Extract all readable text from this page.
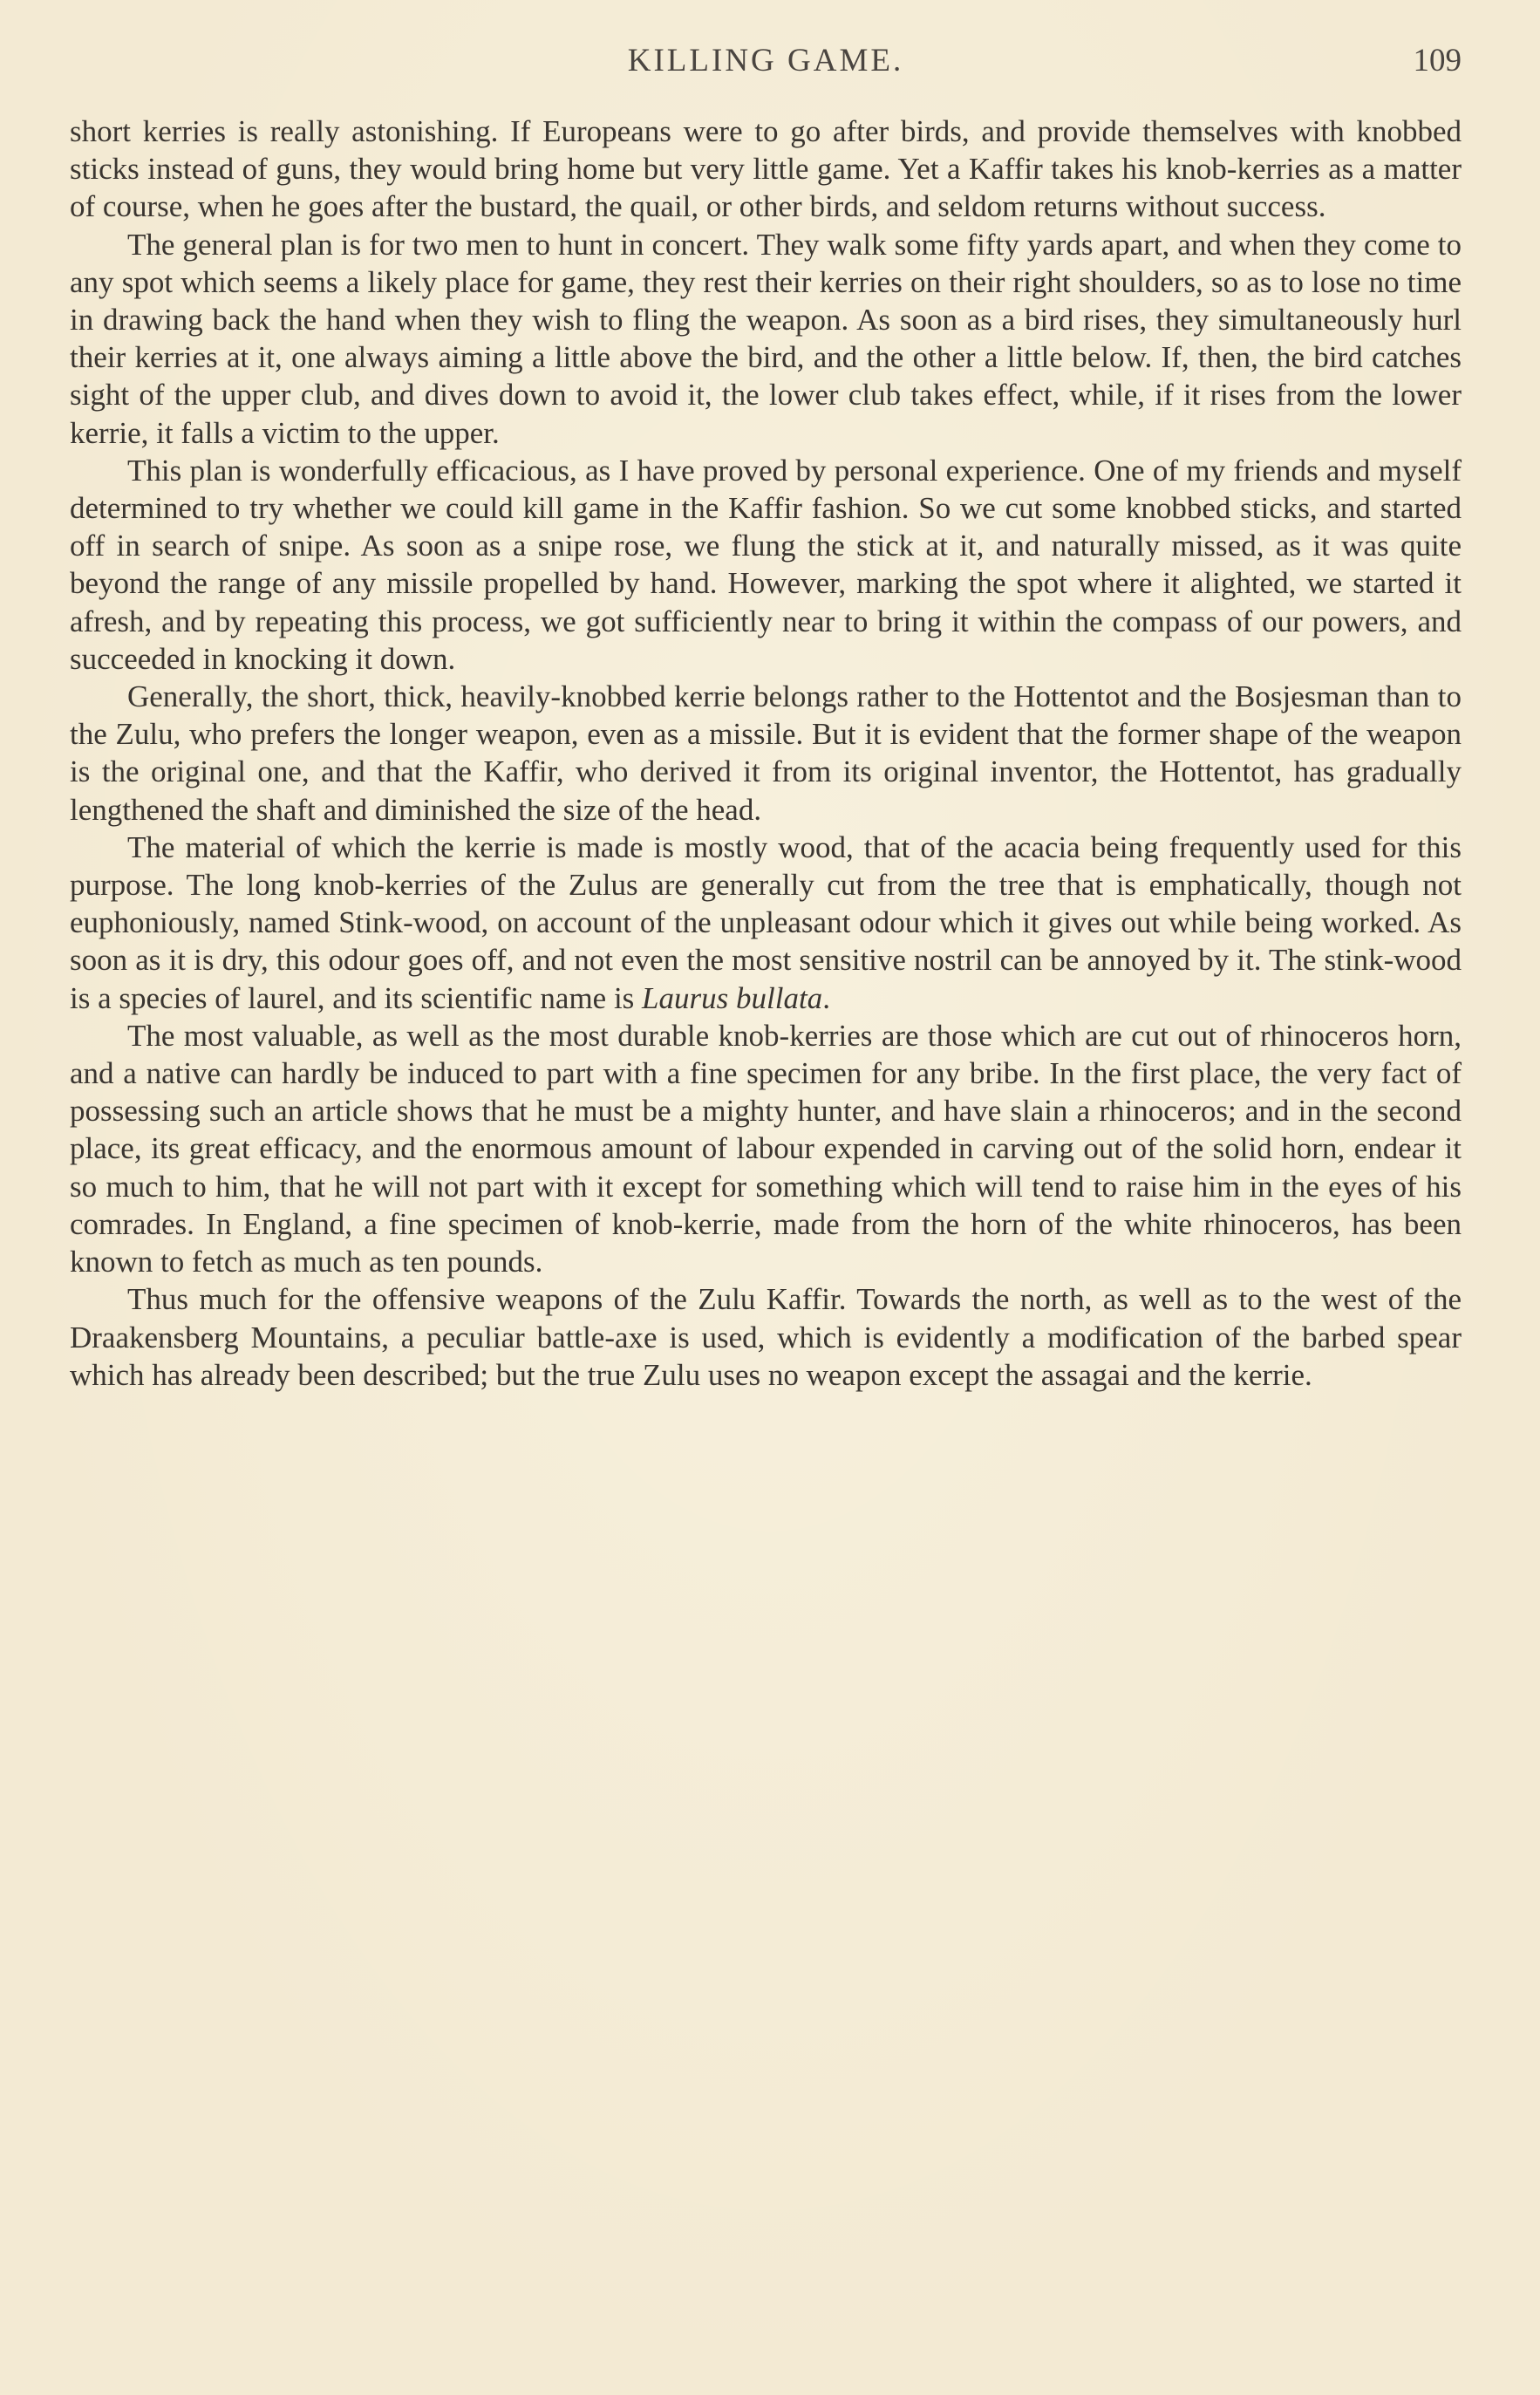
KILLING GAME.	109

short kerries is really astonishing. If Europeans were to go after birds, and provide themselves with knobbed sticks instead of guns, they would bring home but very little game. Yet a Kaffir takes his knob-kerries as a matter of course, when he goes after the bustard, the quail, or other birds, and seldom returns without success.

The general plan is for two men to hunt in concert. They walk some fifty yards apart, and when they come to any spot which seems a likely place for game, they rest their kerries on their right shoulders, so as to lose no time in drawing back the hand when they wish to fling the weapon. As soon as a bird rises, they simultaneously hurl their kerries at it, one always aiming a little above the bird, and the other a little below. If, then, the bird catches sight of the upper club, and dives down to avoid it, the lower club takes effect, while, if it rises from the lower kerrie, it falls a victim to the upper.

This plan is wonderfully efficacious, as I have proved by personal experience. One of my friends and myself determined to try whether we could kill game in the Kaffir fashion. So we cut some knobbed sticks, and started off in search of snipe. As soon as a snipe rose, we flung the stick at it, and naturally missed, as it was quite beyond the range of any missile propelled by hand. However, marking the spot where it alighted, we started it afresh, and by repeating this process, we got sufficiently near to bring it within the compass of our powers, and succeeded in knocking it down.

Generally, the short, thick, heavily-knobbed kerrie belongs rather to the Hottentot and the Bosjesman than to the Zulu, who prefers the longer weapon, even as a missile. But it is evident that the former shape of the weapon is the original one, and that the Kaffir, who derived it from its original inventor, the Hottentot, has gradually lengthened the shaft and diminished the size of the head.

The material of which the kerrie is made is mostly wood, that of the acacia being frequently used for this purpose. The long knob-kerries of the Zulus are generally cut from the tree that is emphatically, though not euphoniously, named Stink-wood, on account of the unpleasant odour which it gives out while being worked. As soon as it is dry, this odour goes off, and not even the most sensitive nostril can be annoyed by it. The stink-wood is a species of laurel, and its scientific name is Laurus bullata.

The most valuable, as well as the most durable knob-kerries are those which are cut out of rhinoceros horn, and a native can hardly be induced to part with a fine specimen for any bribe. In the first place, the very fact of possessing such an article shows that he must be a mighty hunter, and have slain a rhinoceros; and in the second place, its great efficacy, and the enormous amount of labour expended in carving out of the solid horn, endear it so much to him, that he will not part with it except for something which will tend to raise him in the eyes of his comrades. In England, a fine specimen of knob-kerrie, made from the horn of the white rhinoceros, has been known to fetch as much as ten pounds.

Thus much for the offensive weapons of the Zulu Kaffir. Towards the north, as well as to the west of the Draakensberg Mountains, a peculiar battle-axe is used, which is evidently a modification of the barbed spear which has already been described; but the true Zulu uses no weapon except the assagai and the kerrie.
